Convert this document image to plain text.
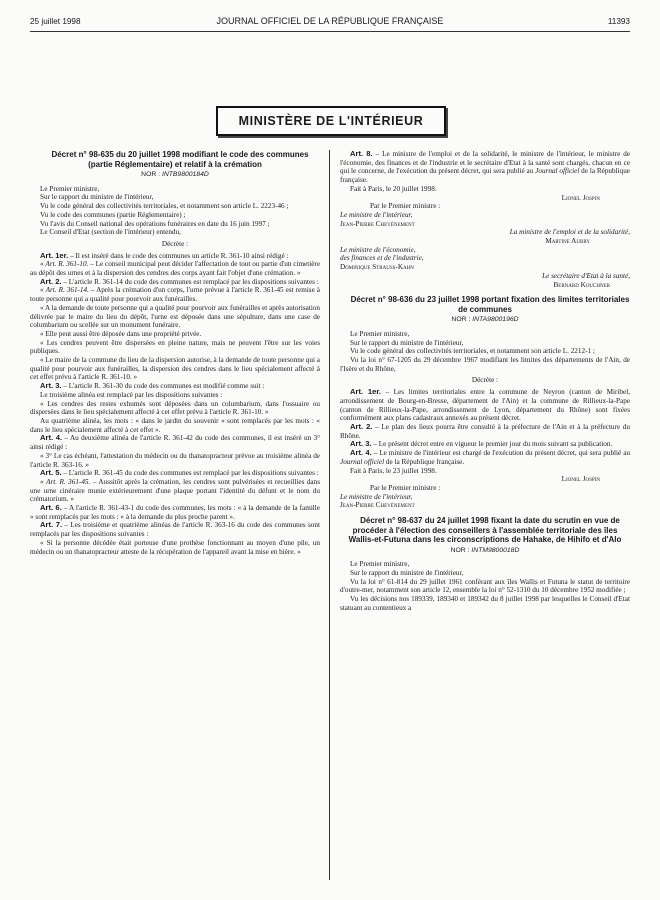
25 juillet 1998	JOURNAL OFFICIEL DE LA RÉPUBLIQUE FRANÇAISE	11393
MINISTÈRE DE L'INTÉRIEUR

Décret n° 98-635 du 20 juillet 1998 modifiant le code des communes (partie Réglementaire) et relatif à la crémation

NOR : INTB9800184D

Le Premier ministre,

Sur le rapport du ministre de l'intérieur,

Vu le code général des collectivités territoriales, et notamment son article L. 2223-46 ;

Vu le code des communes (partie Réglementaire) ;

Vu l'avis du Conseil national des opérations funéraires en date du 16 juin 1997 ;

Le Conseil d'Etat (section de l'intérieur) entendu,

Décrète :

Art. 1er. – Il est inséré dans le code des communes un article R. 361-10 ainsi rédigé :

« Art. R. 361-10. – Le conseil municipal peut décider l'affectation de tout ou partie d'un cimetière au dépôt des urnes et à la dispersion des cendres des corps ayant fait l'objet d'une crémation. »

Art. 2. – L'article R. 361-14 du code des communes est remplacé par les dispositions suivantes :

« Art. R. 361-14. – Après la crémation d'un corps, l'urne prévue à l'article R. 361-45 est remise à toute personne qui a qualité pour pourvoir aux funérailles.

« A la demande de toute personne qui a qualité pour pourvoir aux funérailles et après autorisation délivrée par le maire du lieu du dépôt, l'urne est déposée dans une sépulture, dans une case de columbarium ou scellée sur un monument funéraire.

« Elle peut aussi être déposée dans une propriété privée.

« Les cendres peuvent être dispersées en pleine nature, mais ne peuvent l'être sur les voies publiques.

« Le maire de la commune du lieu de la dispersion autorise, à la demande de toute personne qui a qualité pour pourvoir aux funérailles, la dispersion des cendres dans le lieu spécialement affecté à cet effet prévu à l'article R. 361-10. »

Art. 3. – L'article R. 361-30 du code des communes est modifié comme suit :

Le troisième alinéa est remplacé par les dispositions suivantes :

« Les cendres des restes exhumés sont déposées dans un columbarium, dans l'ossuaire ou dispersées dans le lieu spécialement affecté à cet effet prévu à l'article R. 361-10. »

Au quatrième alinéa, les mots : « dans le jardin du souvenir » sont remplacés par les mots : « dans le lieu spécialement affecté à cet effet ».

Art. 4. – Au deuxième alinéa de l'article R. 361-42 du code des communes, il est inséré un 3° ainsi rédigé :

« 3° Le cas échéant, l'attestation du médecin ou du thanatopracteur prévue au troisième alinéa de l'article R. 363-16. »

Art. 5. – L'article R. 361-45 du code des communes est remplacé par les dispositions suivantes :

« Art. R. 361-45. – Aussitôt après la crémation, les cendres sont pulvérisées et recueillies dans une urne cinéraire munie extérieurement d'une plaque portant l'identité du défunt et le nom du crématorium. »

Art. 6. – A l'article R. 361-43-1 du code des communes, les mots : « à la demande de la famille » sont remplacés par les mots : « à la demande du plus proche parent ».

Art. 7. – Les troisième et quatrième alinéas de l'article R. 363-16 du code des communes sont remplacés par les dispositions suivantes :

« Si la personne décédée était porteuse d'une prothèse fonctionnant au moyen d'une pile, un médecin ou un thanatopracteur atteste de la récupération de l'appareil avant la mise en bière. »

Art. 8. – Le ministre de l'emploi et de la solidarité, le ministre de l'intérieur, le ministre de l'économie, des finances et de l'industrie et le secrétaire d'Etat à la santé sont chargés, chacun en ce qui le concerne, de l'exécution du présent décret, qui sera publié au Journal officiel de la République française.

Fait à Paris, le 20 juillet 1998.

Lionel Jospin

Par le Premier ministre :

Le ministre de l'intérieur,

Jean-Pierre Chevènement

La ministre de l'emploi et de la solidarité,

Martine Aubry

Le ministre de l'économie,

des finances et de l'industrie,

Dominique Strauss-Kahn

Le secrétaire d'Etat à la santé,

Bernard Kouchner

Décret n° 98-636 du 23 juillet 1998 portant fixation des limites territoriales de communes

NOR : INTA9800196D

Le Premier ministre,

Sur le rapport du ministre de l'intérieur,

Vu le code général des collectivités territoriales, et notamment son article L. 2212-1 ;

Vu la loi n° 67-1205 du 29 décembre 1967 modifiant les limites des départements de l'Ain, de l'Isère et du Rhône,

Décrète :

Art. 1er. – Les limites territoriales entre la commune de Neyron (canton de Miribel, arrondissement de Bourg-en-Bresse, département de l'Ain) et la commune de Rillieux-la-Pape (canton de Rillieux-la-Pape, arrondissement de Lyon, département du Rhône) sont fixées conformément aux plans cadastraux annexés au présent décret.

Art. 2. – Le plan des lieux pourra être consulté à la préfecture de l'Ain et à la préfecture du Rhône.

Art. 3. – Le présent décret entre en vigueur le premier jour du mois suivant sa publication.

Art. 4. – Le ministre de l'intérieur est chargé de l'exécution du présent décret, qui sera publié au Journal officiel de la République française.

Fait à Paris, le 23 juillet 1998.

Lionel Jospin

Par le Premier ministre :

Le ministre de l'intérieur,

Jean-Pierre Chevènement

Décret n° 98-637 du 24 juillet 1998 fixant la date du scrutin en vue de procéder à l'élection des conseillers à l'assemblée territoriale des îles Wallis-et-Futuna dans les circonscriptions de Hahake, de Hihifo et d'Alo

NOR : INTM9800018D

Le Premier ministre,

Sur le rapport du ministre de l'intérieur,

Vu la loi n° 61-814 du 29 juillet 1961 conférant aux îles Wallis et Futuna le statut de territoire d'outre-mer, notamment son article 12, ensemble la loi n° 52-1310 du 10 décembre 1952 modifiée ;

Vu les décisions nos 189339, 189340 et 189342 du 8 juillet 1998 par lesquelles le Conseil d'Etat statuant au contentieux a
